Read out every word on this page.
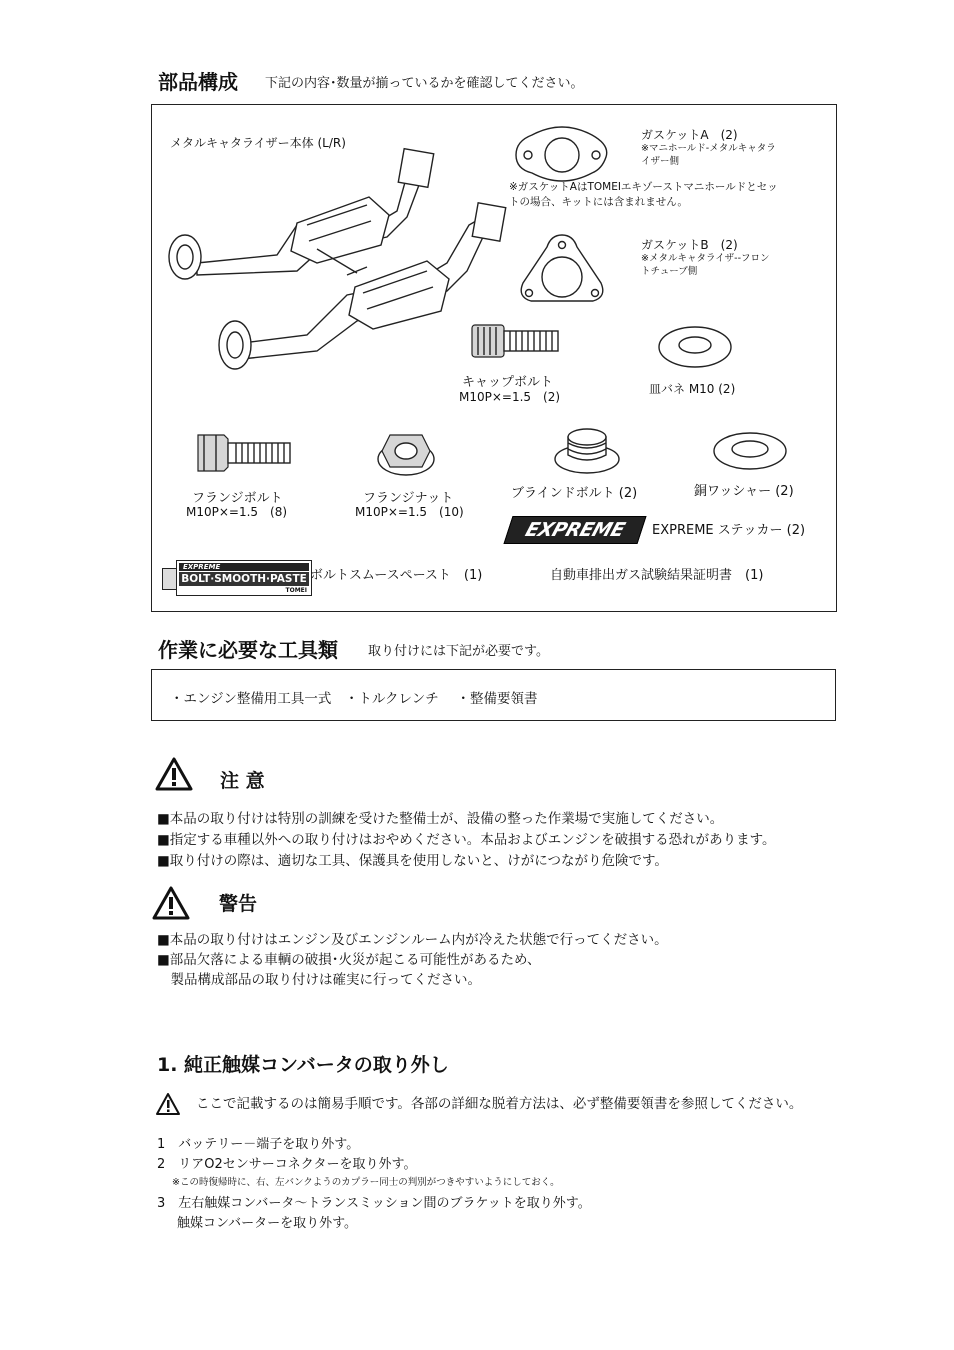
部品構成 下記の内容･数量が揃っているかを確認してください。
メタルキャタライザー本体 (L/R)
ガスケットA　(2)
※マニホールド-メタルキャタラ
イザー側
※ガスケットAはTOMEIエキゾーストマニホールドとセッ
トの場合、キットには含まれません。
ガスケットB　(2)
※メタルキャタライザ--フロン
トチューブ側
キャップボルト
M10P×=1.5　(2)
皿バネ M10 (2)
フランジボルト
M10P×=1.5　(8)
フランジナット
M10P×=1.5　(10)
ブラインドボルト (2)	銅ワッシャー (2)
EXPREME	EXPREME ステッカー (2)
EXPREME
BOLT·SMOOTH·PASTE
TOMEI
ボルトスムースペースト　(1)	自動車排出ガス試験結果証明書　(1)
作業に必要な工具類 取り付けには下記が必要です。
・エンジン整備用工具一式　・トルクレンチ　 ・整備要領書
注 意
■本品の取り付けは特別の訓練を受けた整備士が、設備の整った作業場で実施してください。
■指定する車種以外への取り付けはおやめください。本品およびエンジンを破損する恐れがあります。
■取り付けの際は、適切な工具、保護具を使用しないと、けがにつながり危険です。
警告
■本品の取り付けはエンジン及びエンジンルーム内が冷えた状態で行ってください。
■部品欠落による車輌の破損･火災が起こる可能性があるため、
　製品構成部品の取り付けは確実に行ってください。
1. 純正触媒コンバータの取り外し
ここで記載するのは簡易手順です。各部の詳細な脱着方法は、必ず整備要領書を参照してください。
1　バッテリー－端子を取り外す。
2　リアO2センサーコネクターを取り外す。
※この時復帰時に、右、左バンクようのカプラー同士の判別がつきやすいようにしておく。
3　左右触媒コンバータ～トランスミッション間のブラケットを取り外す。
触媒コンバーターを取り外す。
